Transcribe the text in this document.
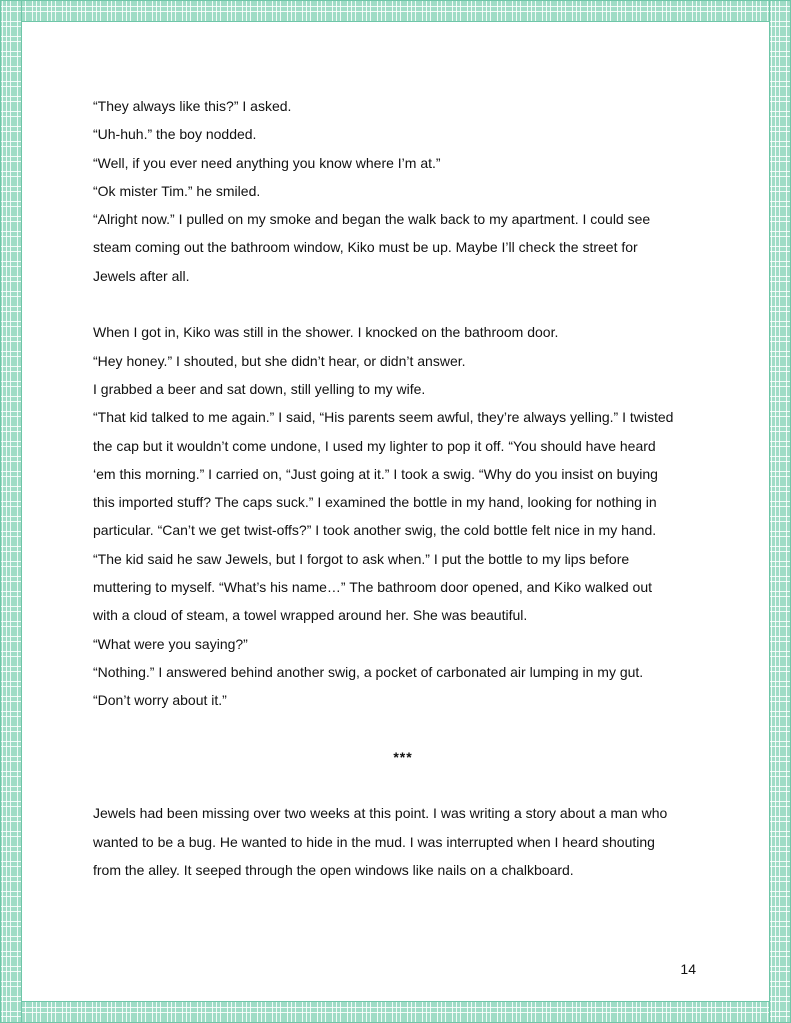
“They always like this?” I asked.

“Uh-huh.” the boy nodded.

“Well, if you ever need anything you know where I’m at.”

“Ok mister Tim.” he smiled.

“Alright now.” I pulled on my smoke and began the walk back to my apartment. I could see

steam coming out the bathroom window, Kiko must be up. Maybe I’ll check the street for

Jewels after all.

When I got in, Kiko was still in the shower. I knocked on the bathroom door.

“Hey honey.” I shouted, but she didn’t hear, or didn’t answer.

I grabbed a beer and sat down, still yelling to my wife.

“That kid talked to me again.” I said, “His parents seem awful, they’re always yelling.” I twisted

the cap but it wouldn’t come undone, I used my lighter to pop it off. “You should have heard

‘em this morning.” I carried on, “Just going at it.” I took a swig. “Why do you insist on buying

this imported stuff? The caps suck.” I examined the bottle in my hand, looking for nothing in

particular. “Can’t we get twist-offs?” I took another swig, the cold bottle felt nice in my hand.

“The kid said he saw Jewels, but I forgot to ask when.” I put the bottle to my lips before

muttering to myself. “What’s his name…” The bathroom door opened, and Kiko walked out

with a cloud of steam, a towel wrapped around her. She was beautiful.

“What were you saying?”

“Nothing.” I answered behind another swig, a pocket of carbonated air lumping in my gut.

“Don’t worry about it.”

***

Jewels had been missing over two weeks at this point. I was writing a story about a man who

wanted to be a bug. He wanted to hide in the mud. I was interrupted when I heard shouting

from the alley. It seeped through the open windows like nails on a chalkboard.

14
